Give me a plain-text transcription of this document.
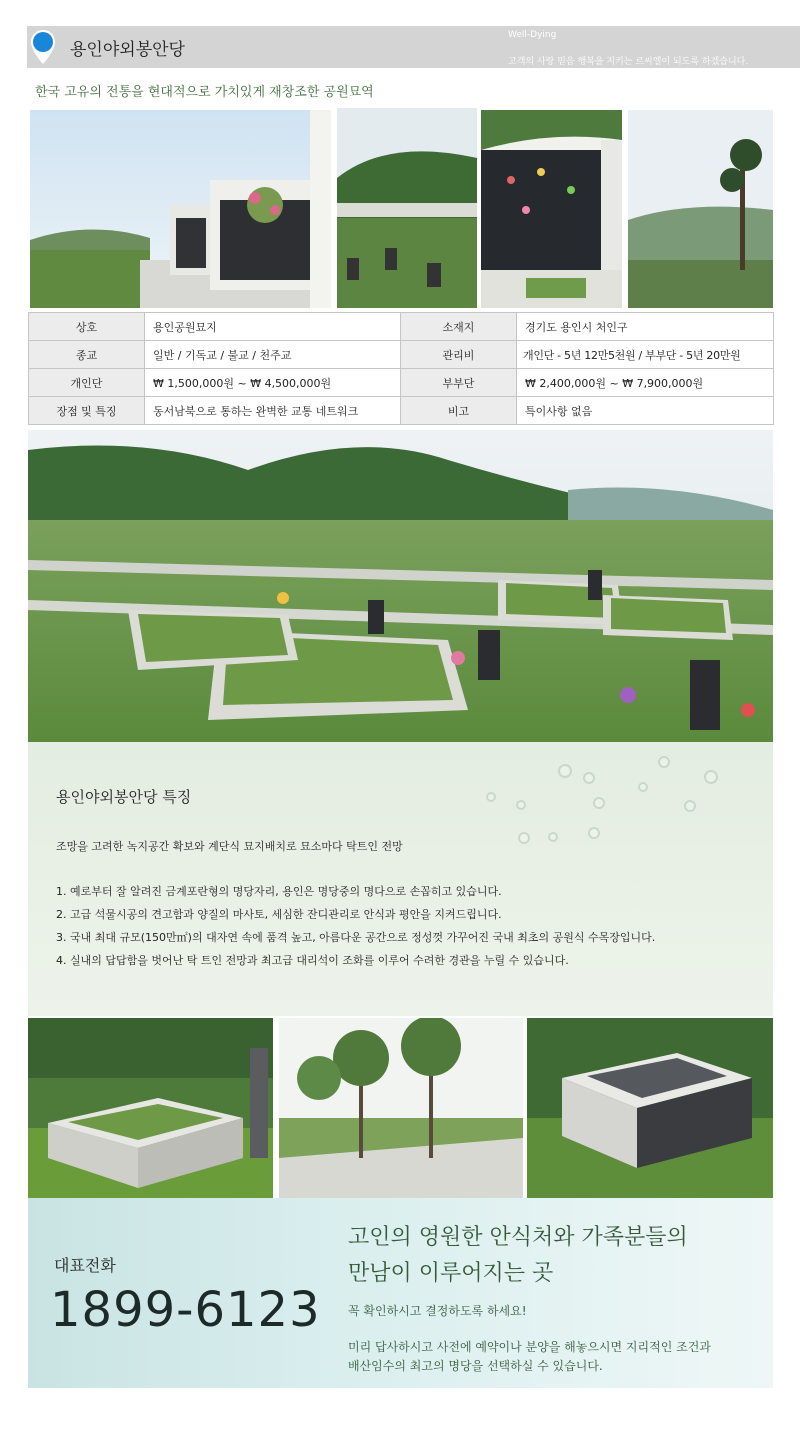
용인야외봉안당
Well-Dying
고객의 사랑 믿음 행복을 지키는 르씨엘이 되도록 하겠습니다.
한국 고유의 전통을 현대적으로 가치있게 재창조한 공원묘역
상호	용인공원묘지	소재지	경기도 용인시 처인구
종교	일반 / 기독교 / 불교 / 천주교	관리비	개인단 - 5년 12만5천원 / 부부단 - 5년 20만원
개인단	₩ 1,500,000원 ~ ₩ 4,500,000원	부부단	₩ 2,400,000원 ~ ₩ 7,900,000원
장점 및 특징	동서남북으로 통하는 완벽한 교통 네트워크	비고	특이사항 없음
용인야외봉안당 특징
조망을 고려한 녹지공간 확보와 계단식 묘지배치로 묘소마다 탁트인 전망
1. 예로부터 잘 알려진 금계포란형의 명당자리, 용인은 명당중의 명다으로 손꼽히고 있습니다.
2. 고급 석물시공의 견고함과 양질의 마사토, 세심한 잔디관리로 안식과 평안을 지켜드립니다.
3. 국내 최대 규모(150만㎡)의 대자연 속에 품격 높고, 아름다운 공간으로 정성껏 가꾸어진 국내 최초의 공원식 수목장입니다.
4. 실내의 답답함을 벗어난 탁 트인 전망과 최고급 대리석이 조화를 이루어 수려한 경관을 누릴 수 있습니다.
대표전화
1899-6123
고인의 영원한 안식처와 가족분들의
만남이 이루어지는 곳
꼭 확인하시고 결정하도록 하세요!
미리 답사하시고 사전에 예약이나 분양을 해놓으시면 지리적인 조건과
배산임수의 최고의 명당을 선택하실 수 있습니다.
